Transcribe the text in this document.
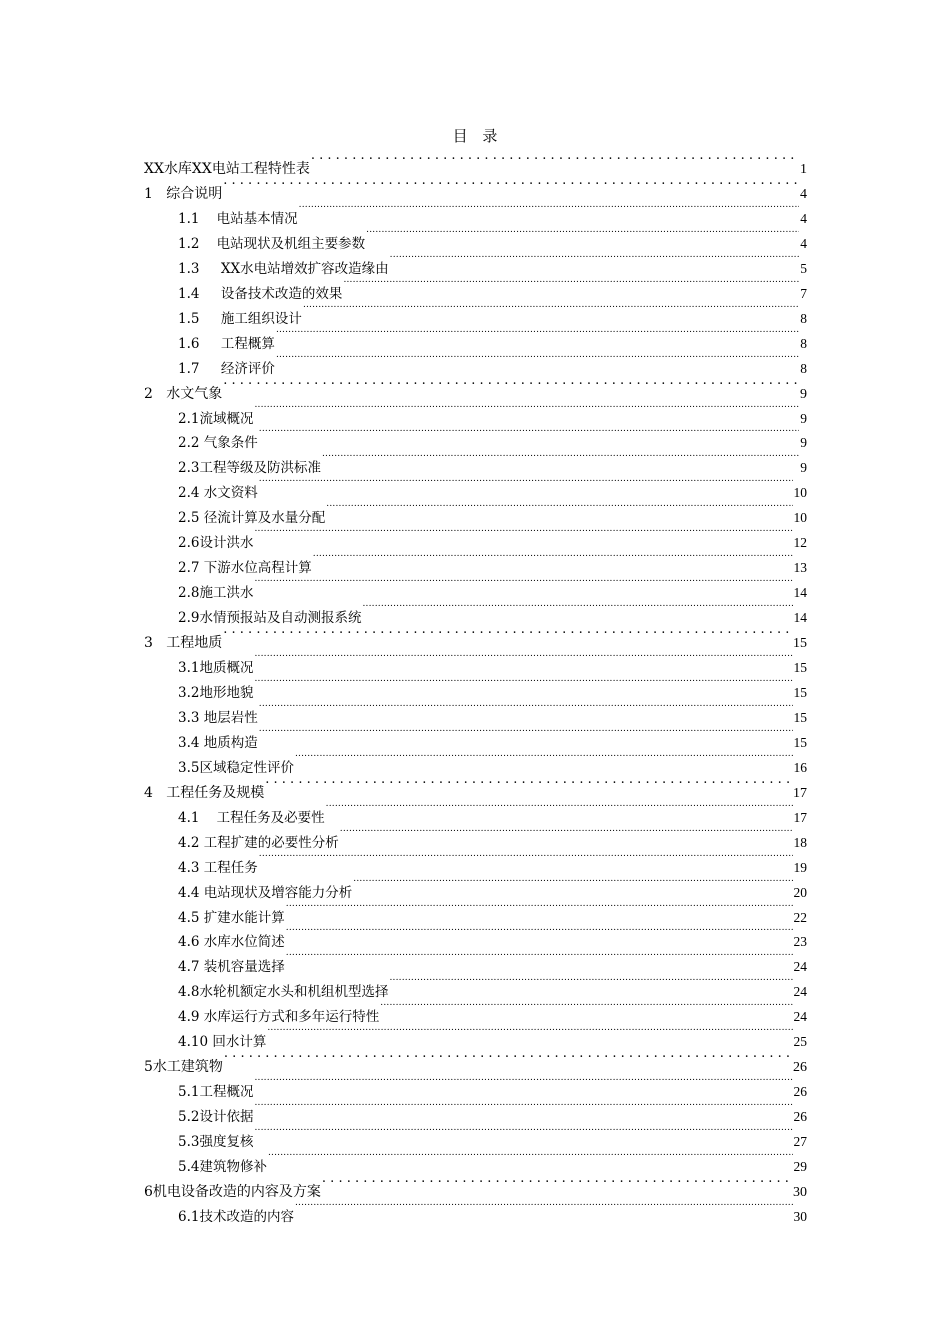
目 录
XX水库XX电站工程特性表 . . .	1
1   综合说明 . . .	4
1.1    电站基本情况 .....	4
1.2    电站现状及机组主要参数 .....	4
1.3     XX水电站增效扩容改造缘由 .....	5
1.4     设备技术改造的效果 .....	7
1.5     施工组织设计 .....	8
1.6     工程概算 .....	8
1.7     经济评价 .....	8
2   水文气象 . . .	9
2.1流域概况 .....	9
2.2 气象条件 .....	9
2.3工程等级及防洪标准 .....	9
2.4 水文资料 .....	10
2.5 径流计算及水量分配 .....	10
2.6设计洪水 .....	12
2.7 下游水位高程计算 .....	13
2.8施工洪水 .....	14
2.9水情预报站及自动测报系统 .....	14
3   工程地质 . . .	15
3.1地质概况 .....	15
3.2地形地貌 .....	15
3.3 地层岩性 .....	15
3.4 地质构造 .....	15
3.5区域稳定性评价 .....	16
4   工程任务及规模 . . .	17
4.1    工程任务及必要性 .....	17
4.2 工程扩建的必要性分析 .....	18
4.3 工程任务 .....	19
4.4 电站现状及增容能力分析 .....	20
4.5 扩建水能计算 .....	22
4.6 水库水位简述 .....	23
4.7 装机容量选择 .....	24
4.8水轮机额定水头和机组机型选择 .....	24
4.9 水库运行方式和多年运行特性 .....	24
4.10 回水计算 .....	25
5水工建筑物 . . .	26
5.1工程概况 .....	26
5.2设计依据 .....	26
5.3强度复核 .....	27
5.4建筑物修补 .....	29
6机电设备改造的内容及方案 . . .	30
6.1技术改造的内容 .....	30
